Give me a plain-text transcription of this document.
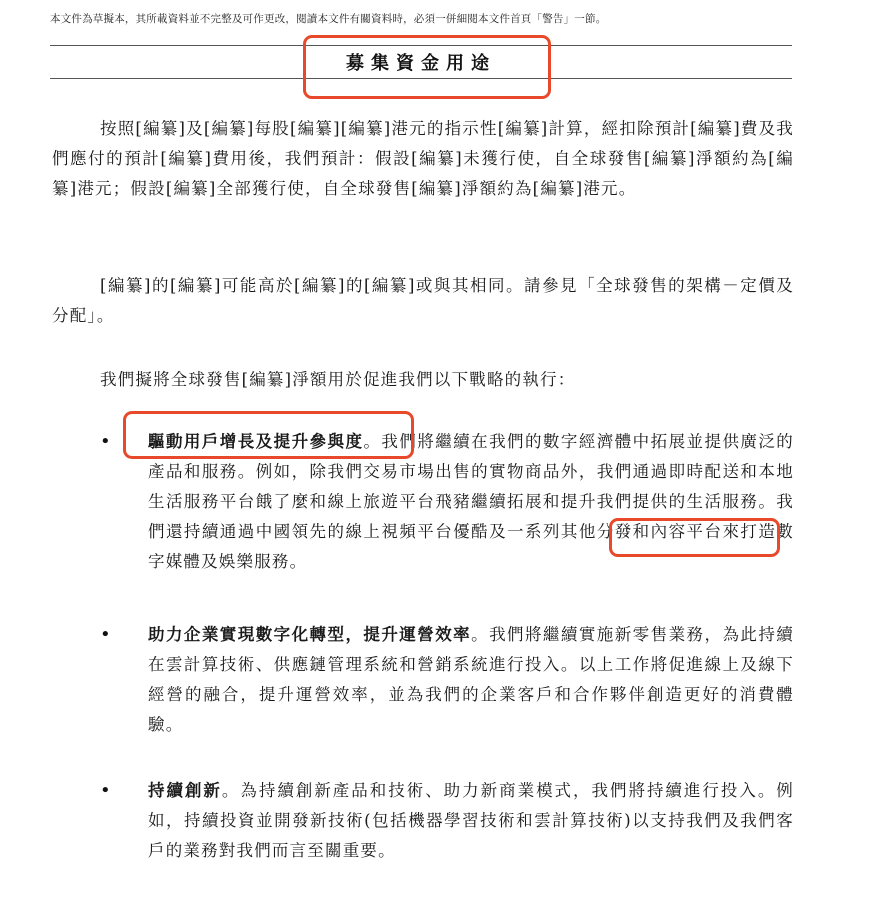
本文件為草擬本，其所載資料並不完整及可作更改，閱讀本文件有關資料時，必須一併細閱本文件首頁「警告」一節。
募集資金用途

按照[編纂]及[編纂]每股[編纂][編纂]港元的指示性[編纂]計算，經扣除預計[編纂]費及我們應付的預計[編纂]費用後，我們預計：假設[編纂]未獲行使，自全球發售[編纂]淨額約為[編纂]港元；假設[編纂]全部獲行使，自全球發售[編纂]淨額約為[編纂]港元。

[編纂]的[編纂]可能高於[編纂]的[編纂]或與其相同。請參見「全球發售的架構－定價及分配」。

我們擬將全球發售[編纂]淨額用於促進我們以下戰略的執行：

• 驅動用戶增長及提升參與度。我們將繼續在我們的數字經濟體中拓展並提供廣泛的產品和服務。例如，除我們交易市場出售的實物商品外，我們通過即時配送和本地生活服務平台餓了麼和線上旅遊平台飛豬繼續拓展和提升我們提供的生活服務。我們還持續通過中國領先的線上視頻平台優酷及一系列其他分發和內容平台來打造數字媒體及娛樂服務。

• 助力企業實現數字化轉型，提升運營效率。我們將繼續實施新零售業務，為此持續在雲計算技術、供應鏈管理系統和營銷系統進行投入。以上工作將促進線上及線下經營的融合，提升運營效率，並為我們的企業客戶和合作夥伴創造更好的消費體驗。

• 持續創新。為持續創新產品和技術、助力新商業模式，我們將持續進行投入。例如，持續投資並開發新技術(包括機器學習技術和雲計算技術)以支持我們及我們客戶的業務對我們而言至關重要。
